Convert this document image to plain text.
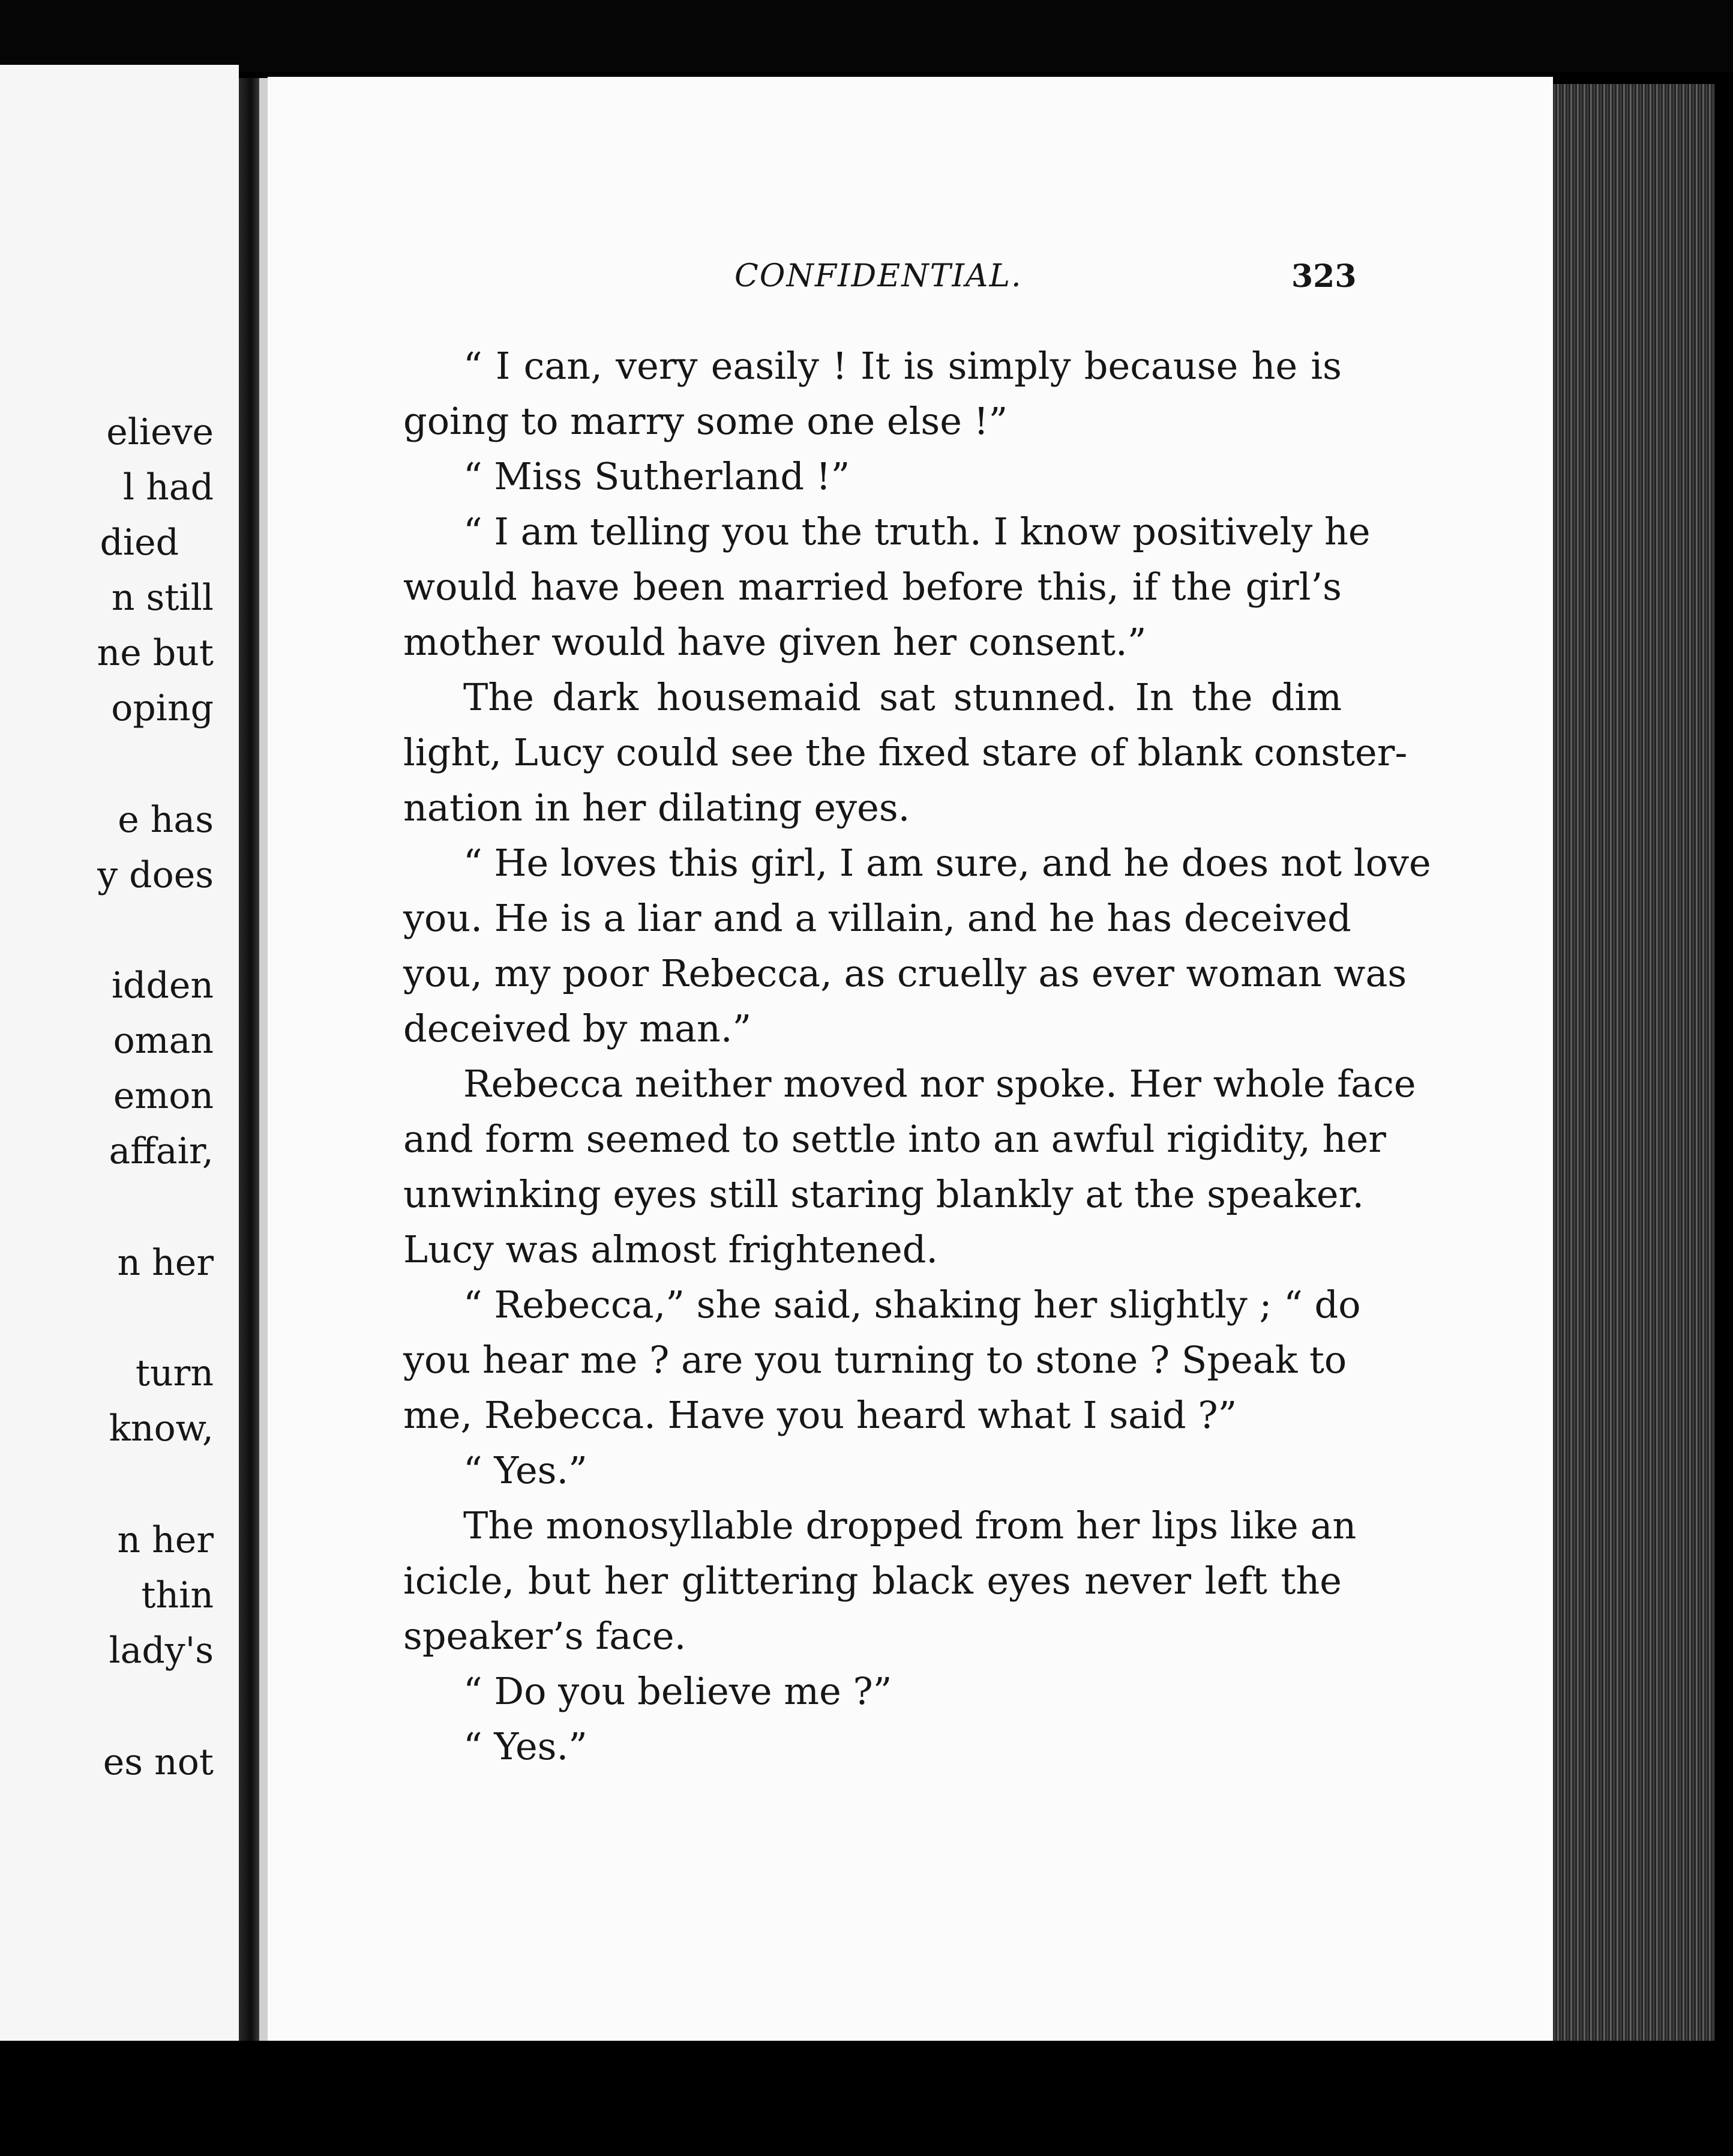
elieve
l had
died
n still
ne but
oping
e has
y does
idden
oman
emon
affair,
n her
turn
know,
n her
thin
lady's
es not
CONFIDENTIAL.	323
“ I can, very easily ! It is simply because he is
going to marry some one else !”
“ Miss Sutherland !”
“ I am telling you the truth. I know positively he
would have been married before this, if the girl’s
mother would have given her consent.”
The dark housemaid sat stunned. In the dim
light, Lucy could see the fixed stare of blank conster-
nation in her dilating eyes.
“ He loves this girl, I am sure, and he does not love
you. He is a liar and a villain, and he has deceived
you, my poor Rebecca, as cruelly as ever woman was
deceived by man.”
Rebecca neither moved nor spoke. Her whole face
and form seemed to settle into an awful rigidity, her
unwinking eyes still staring blankly at the speaker.
Lucy was almost frightened.
“ Rebecca,” she said, shaking her slightly ; “ do
you hear me ? are you turning to stone ? Speak to
me, Rebecca. Have you heard what I said ?”
“ Yes.”
The monosyllable dropped from her lips like an
icicle, but her glittering black eyes never left the
speaker’s face.
“ Do you believe me ?”
“ Yes.”
